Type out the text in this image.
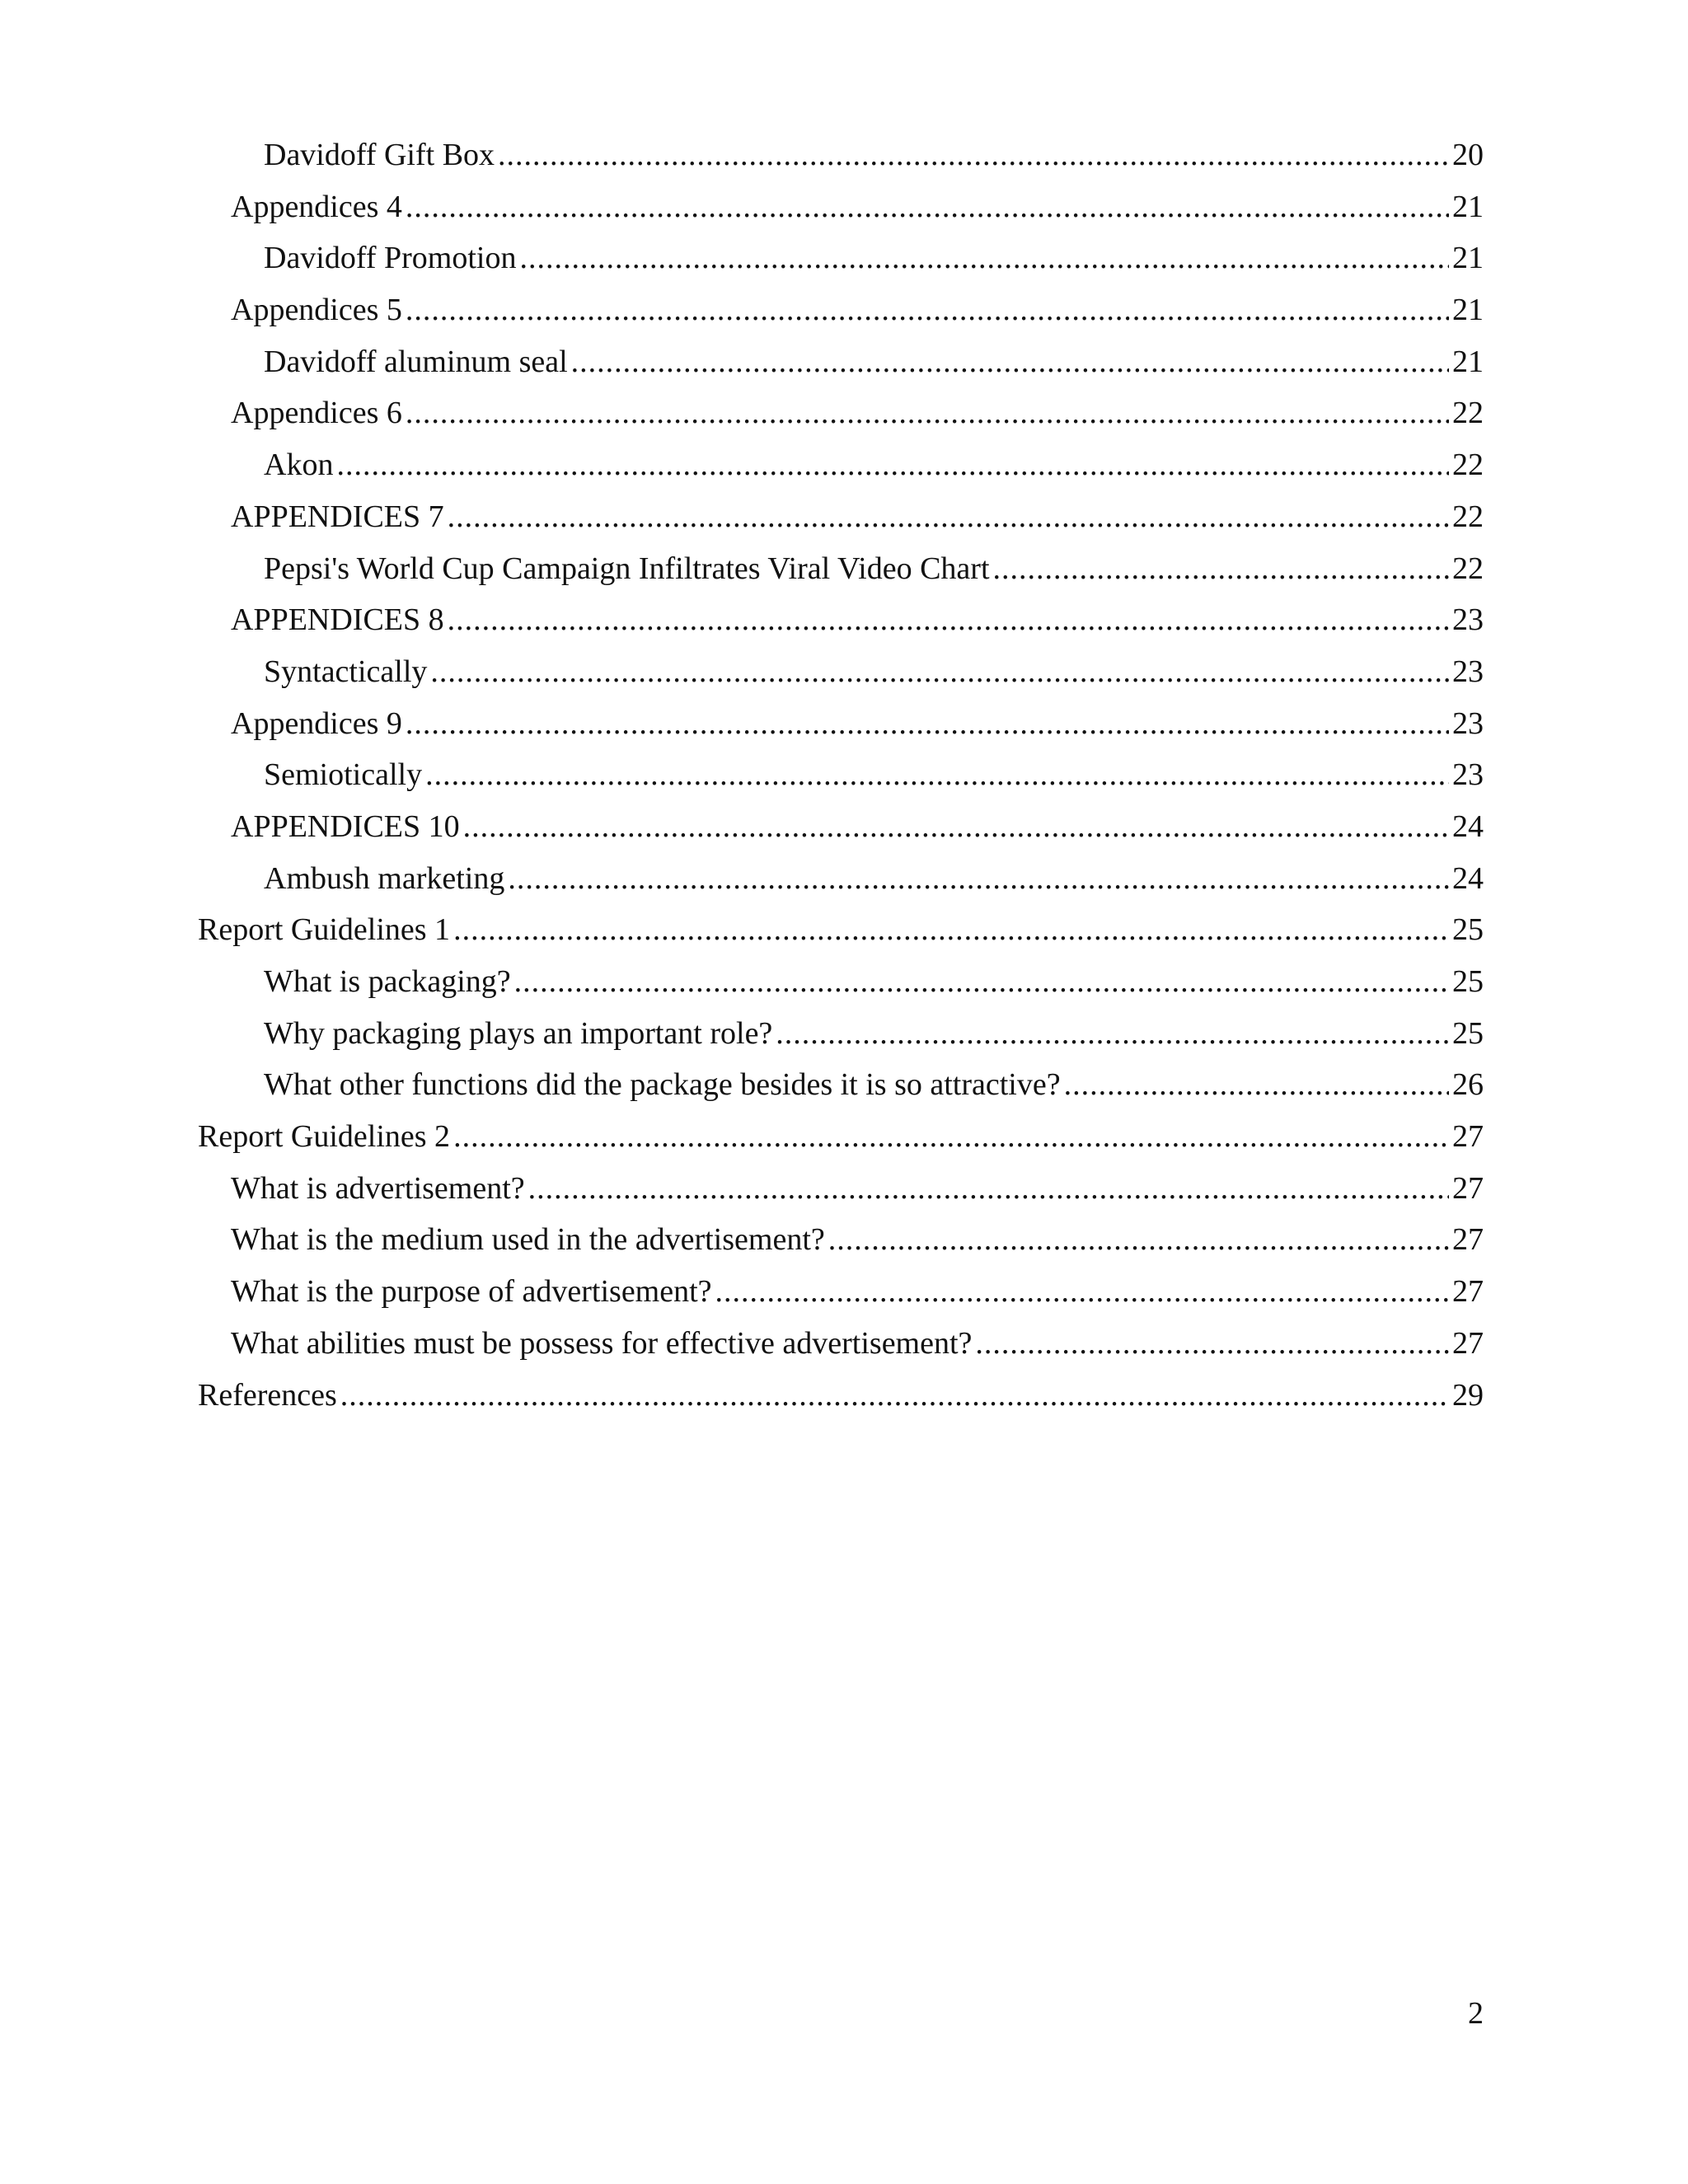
Davidoff Gift Box .....	20
Appendices 4 .....	21
Davidoff Promotion .....	21
Appendices 5 .....	21
Davidoff aluminum seal .....	21
Appendices 6 .....	22
Akon .....	22
APPENDICES 7 .....	22
Pepsi's World Cup Campaign Infiltrates Viral Video Chart .....	22
APPENDICES 8 .....	23
Syntactically .....	23
Appendices 9 .....	23
Semiotically .....	23
APPENDICES 10 .....	24
Ambush marketing .....	24
Report Guidelines 1 .....	25
What is packaging? .....	25
Why packaging plays an important role? .....	25
What other functions did the package besides it is so attractive? .....	26
Report Guidelines 2 .....	27
What is advertisement? .....	27
What is the medium used in the advertisement? .....	27
What is the purpose of advertisement? .....	27
What abilities must be possess for effective advertisement? .....	27
References .....	29
2
